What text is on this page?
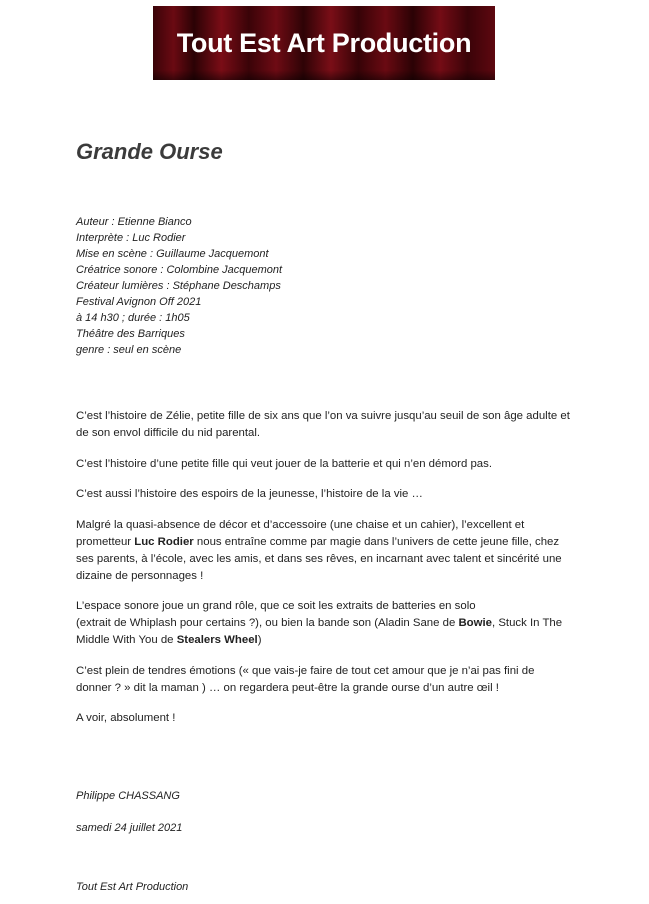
Tout Est Art Production
Grande Ourse
Auteur : Etienne Bianco
Interprète : Luc Rodier
Mise en scène : Guillaume Jacquemont
Créatrice sonore : Colombine Jacquemont
Créateur lumières : Stéphane Deschamps
Festival Avignon Off 2021
à 14 h30 ; durée : 1h05
Théâtre des Barriques
genre : seul en scène

C’est l’histoire de Zélie, petite fille de six ans que l’on va suivre jusqu’au seuil de son âge adulte et de son envol difficile du nid parental.

C’est l’histoire d’une petite fille qui veut jouer de la batterie et qui n’en démord pas.

C’est aussi l’histoire des espoirs de la jeunesse, l’histoire de la vie …

Malgré la quasi-absence de décor et d’accessoire (une chaise et un cahier), l’excellent et prometteur Luc Rodier nous entraîne comme par magie dans l’univers de cette jeune fille, chez ses parents, à l’école, avec les amis, et dans ses rêves, en incarnant avec talent et sincérité une dizaine de personnages !

L’espace sonore joue un grand rôle, que ce soit les extraits de batteries en solo
(extrait de Whiplash pour certains ?), ou bien la bande son (Aladin Sane de Bowie, Stuck In The Middle With You de Stealers Wheel)

C’est plein de tendres émotions (« que vais-je faire de tout cet amour que je n’ai pas fini de donner ? » dit la maman ) … on regardera peut-être la grande ourse d’un autre œil !

A voir, absolument !

Philippe CHASSANG

samedi 24 juillet 2021

Tout Est Art Production
